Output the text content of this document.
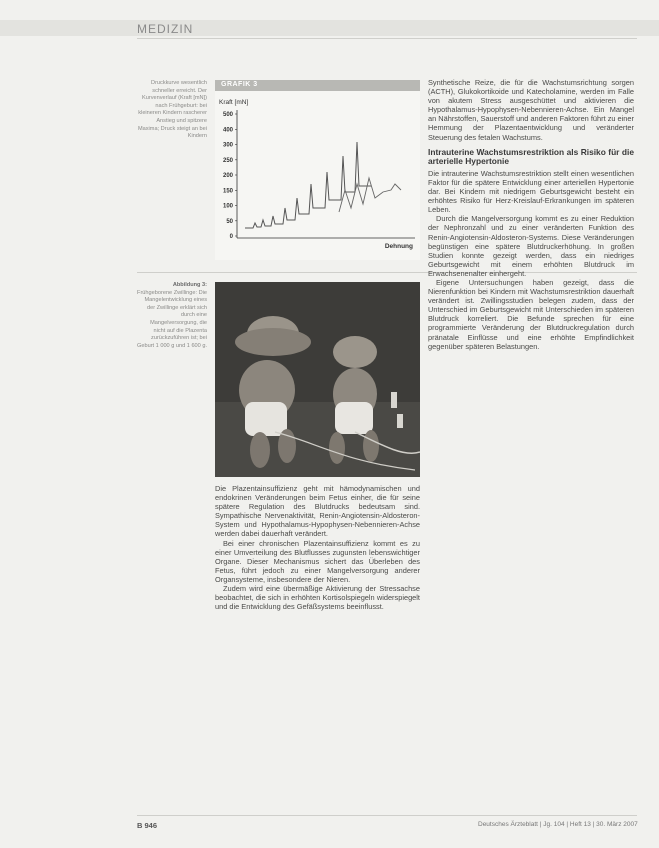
MEDIZIN
Druckkurve wesentlich schneller erreicht. Der Kurvenverlauf (Kraft [mN]) nach Frühgeburt: bei kleineren Kindern rascherer Anstieg und spitzere Maxima; Druck steigt an bei Kindern
Abbildung 3: Frühgeborene Zwillinge: Die Mangelentwicklung eines der Zwillinge erklärt sich durch eine Mangelversorgung, die nicht auf die Plazenta zurückzuführen ist; bei Geburt 1 000 g und 1 600 g.
GRAFIK 3
Kraft [mN]
500
400
300
250
200
150
100
50
0
Dehnung

Synthetische Reize, die für die Wachstumsrichtung sorgen (ACTH), Glukokortikoide und Katecholamine, werden im Falle von akutem Stress ausgeschüttet und aktivieren die Hypothalamus-Hypophysen-Nebennieren-Achse. Ein Mangel an Nährstoffen, Sauerstoff und anderen Faktoren führt zu einer Hemmung der Plazentaentwicklung und veränderter Steuerung des fetalen Wachstums.

Intrauterine Wachstumsrestriktion als Risiko für die arterielle Hypertonie

Die intrauterine Wachstumsrestriktion stellt einen wesentlichen Faktor für die spätere Entwicklung einer arteriellen Hypertonie dar. Bei Kindern mit niedrigem Geburtsgewicht besteht ein erhöhtes Risiko für Herz-Kreislauf-Erkrankungen im späteren Leben.

Durch die Mangelversorgung kommt es zu einer Reduktion der Nephronzahl und zu einer veränderten Funktion des Renin-Angiotensin-Aldosteron-Systems. Diese Veränderungen begünstigen eine spätere Blutdruckerhöhung. In großen Studien konnte gezeigt werden, dass ein niedriges Geburtsgewicht mit einem erhöhten Blutdruck im Erwachsenenalter einhergeht.

Eigene Untersuchungen haben gezeigt, dass die Nierenfunktion bei Kindern mit Wachstumsrestriktion dauerhaft verändert ist. Zwillingsstudien belegen zudem, dass der Unterschied im Geburtsgewicht mit Unterschieden im späteren Blutdruck korreliert. Die Befunde sprechen für eine programmierte Veränderung der Blutdruckregulation durch pränatale Einflüsse und eine erhöhte Empfindlichkeit gegenüber späteren Belastungen.

Die Plazentainsuffizienz geht mit hämodynamischen und endokrinen Veränderungen beim Fetus einher, die für seine spätere Regulation des Blutdrucks bedeutsam sind. Sympathische Nervenaktivität, Renin-Angiotensin-Aldosteron-System und Hypothalamus-Hypophysen-Nebennieren-Achse werden dabei dauerhaft verändert.

Bei einer chronischen Plazentainsuffizienz kommt es zu einer Umverteilung des Blutflusses zugunsten lebenswichtiger Organe. Dieser Mechanismus sichert das Überleben des Fetus, führt jedoch zu einer Mangelversorgung anderer Organsysteme, insbesondere der Nieren.

Zudem wird eine übermäßige Aktivierung der Stressachse beobachtet, die sich in erhöhten Kortisolspiegeln widerspiegelt und die Entwicklung des Gefäßsystems beeinflusst.

B 946	Deutsches Ärzteblatt | Jg. 104 | Heft 13 | 30. März 2007
